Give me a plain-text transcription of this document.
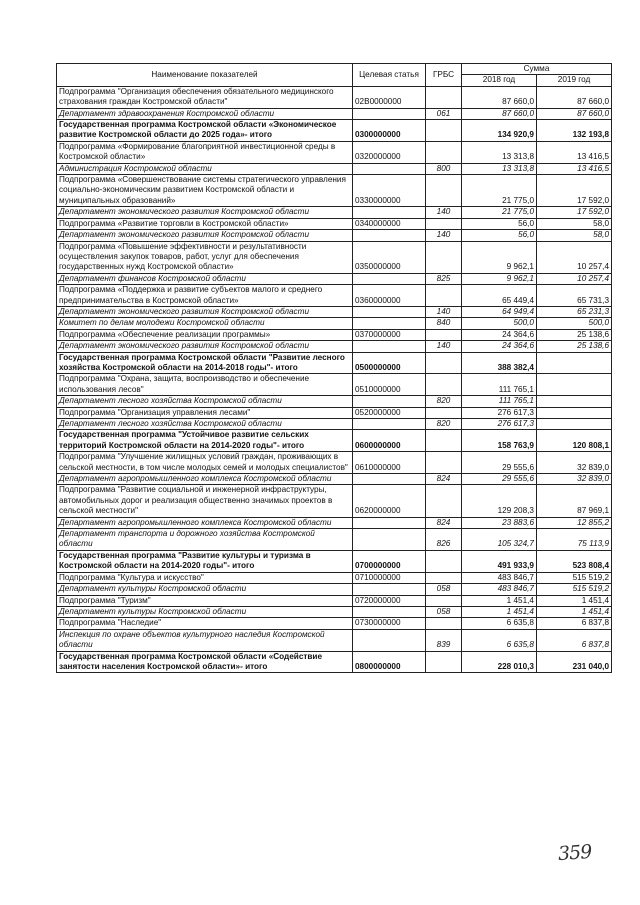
Наименование показателей	Целевая статья	ГРБС	Сумма	
			2018 год	2019 год
Подпрограмма "Организация обеспечения обязательного медицинского страхования граждан Костромской области"	02В0000000		87 660,0	87 660,0
Департамент здравоохранения Костромской области		061	87 660,0	87 660,0
Государственная программа Костромской области «Экономическое развитие Костромской области до 2025 года»- итого	0300000000		134 920,9	132 193,8
Подпрограмма «Формирование благоприятной инвестиционной среды в Костромской области»	0320000000		13 313,8	13 416,5
Администрация Костромской области		800	13 313,8	13 416,5
Подпрограмма «Совершенствование системы стратегического управления социально-экономическим развитием Костромской области и муниципальных образований»	0330000000		21 775,0	17 592,0
Департамент экономического развития Костромской области		140	21 775,0	17 592,0
Подпрограмма «Развитие торговли в Костромской области»	0340000000		56,0	58,0
Департамент экономического развития Костромской области		140	56,0	58,0
Подпрограмма «Повышение эффективности и результативности осуществления закупок товаров, работ, услуг для обеспечения государственных нужд Костромской области»	0350000000		9 962,1	10 257,4
Департамент финансов Костромской области		825	9 962,1	10 257,4
Подпрограмма «Поддержка и развитие субъектов малого и среднего предпринимательства в Костромской области»	0360000000		65 449,4	65 731,3
Департамент экономического развития Костромской области		140	64 949,4	65 231,3
Комитет по делам молодежи Костромской области		840	500,0	500,0
Подпрограмма «Обеспечение реализации программы»	0370000000		24 364,6	25 138,6
Департамент экономического развития Костромской области		140	24 364,6	25 138,6
Государственная программа Костромской области "Развитие лесного хозяйства Костромской области на 2014-2018 годы"- итого	0500000000		388 382,4	
Подпрограмма "Охрана, защита, воспроизводство и обеспечение использования лесов"	0510000000		111 765,1	
Департамент лесного хозяйства Костромской области		820	111 765,1	
Подпрограмма "Организация управления лесами"	0520000000		276 617,3	
Департамент лесного хозяйства Костромской области		820	276 617,3	
Государственная программа "Устойчивое развитие сельских территорий Костромской области на 2014-2020 годы"- итого	0600000000		158 763,9	120 808,1
Подпрограмма "Улучшение жилищных условий граждан, проживающих в сельской местности, в том числе молодых семей и молодых специалистов"	0610000000		29 555,6	32 839,0
Департамент агропромышленного комплекса Костромской области		824	29 555,6	32 839,0
Подпрограмма "Развитие социальной и инженерной инфраструктуры, автомобильных дорог и реализация общественно значимых проектов в сельской местности"	0620000000		129 208,3	87 969,1
Департамент агропромышленного комплекса Костромской области		824	23 883,6	12 855,2
Департамент транспорта и дорожного хозяйства Костромской области		826	105 324,7	75 113,9
Государственная программа "Развитие культуры и туризма в Костромской области на 2014-2020 годы"- итого	0700000000		491 933,9	523 808,4
Подпрограмма "Культура и искусство"	0710000000		483 846,7	515 519,2
Департамент культуры Костромской области		058	483 846,7	515 519,2
Подпрограмма "Туризм"	0720000000		1 451,4	1 451,4
Департамент культуры Костромской области		058	1 451,4	1 451,4
Подпрограмма "Наследие"	0730000000		6 635,8	6 837,8
Инспекция по охране объектов культурного наследия Костромской области		839	6 635,8	6 837,8
Государственная программа Костромской области «Содействие занятости населения Костромской области»- итого	0800000000		228 010,3	231 040,0
359
